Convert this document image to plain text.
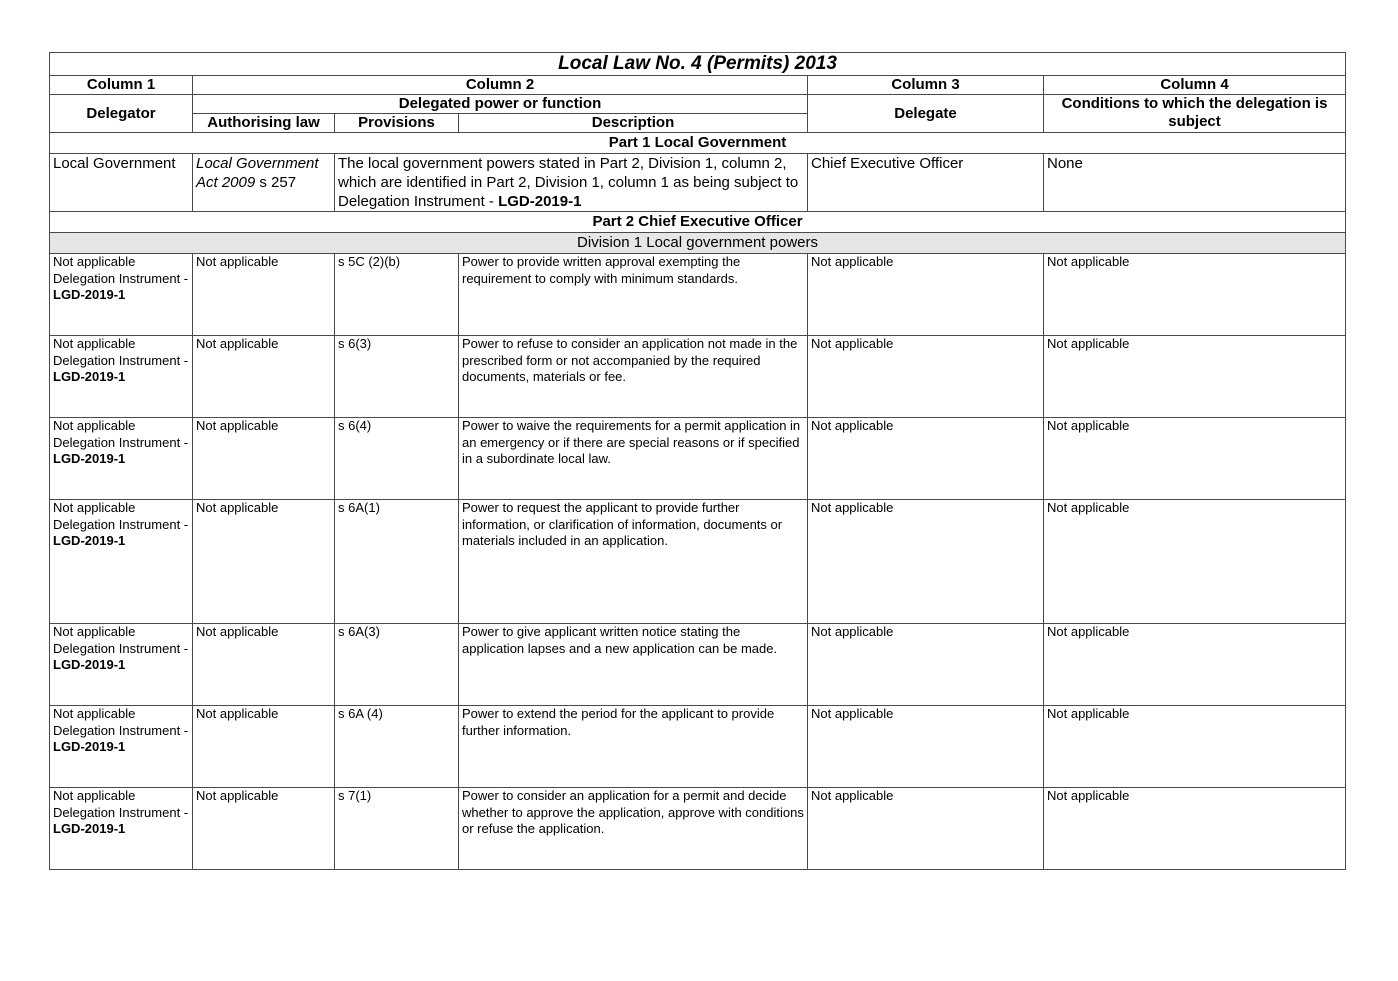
Local Law No. 4 (Permits) 2013					
Column 1	Column 2			Column 3	Column 4
Delegator	Delegated power or function			Delegate	Conditions to which the delegation is subject
	Authorising law	Provisions	Description		
Part 1 Local Government					
Local Government	Local Government Act 2009 s 257	The local government powers stated in Part 2, Division 1, column 2, which are identified in Part 2, Division 1, column 1 as being subject to Delegation Instrument - LGD-2019-1		Chief Executive Officer	None
Part 2 Chief Executive Officer					
Division 1 Local government powers					

Not applicable
Delegation Instrument -
LGD-2019-1	Not applicable	s 5C (2)(b)	Power to provide written approval exempting the requirement to comply with minimum standards.	Not applicable	Not applicable

Not applicable
Delegation Instrument -
LGD-2019-1	Not applicable	s 6(3)	Power to refuse to consider an application not made in the prescribed form or not accompanied by the required documents, materials or fee.	Not applicable	Not applicable

Not applicable
Delegation Instrument -
LGD-2019-1	Not applicable	s 6(4)	Power to waive the requirements for a permit application in an emergency or if there are special reasons or if specified in a subordinate local law.	Not applicable	Not applicable

Not applicable
Delegation Instrument -
LGD-2019-1	Not applicable	s 6A(1)	Power to request the applicant to provide further information, or clarification of information, documents or materials included in an application.	Not applicable	Not applicable

Not applicable
Delegation Instrument -
LGD-2019-1	Not applicable	s 6A(3)	Power to give applicant written notice stating the application lapses and a new application can be made.	Not applicable	Not applicable

Not applicable
Delegation Instrument -
LGD-2019-1	Not applicable	s 6A (4)	Power to extend the period for the applicant to provide further information.	Not applicable	Not applicable

Not applicable
Delegation Instrument -
LGD-2019-1	Not applicable	s 7(1)	Power to consider an application for a permit and decide whether to approve the application, approve with conditions or refuse the application.	Not applicable	Not applicable
